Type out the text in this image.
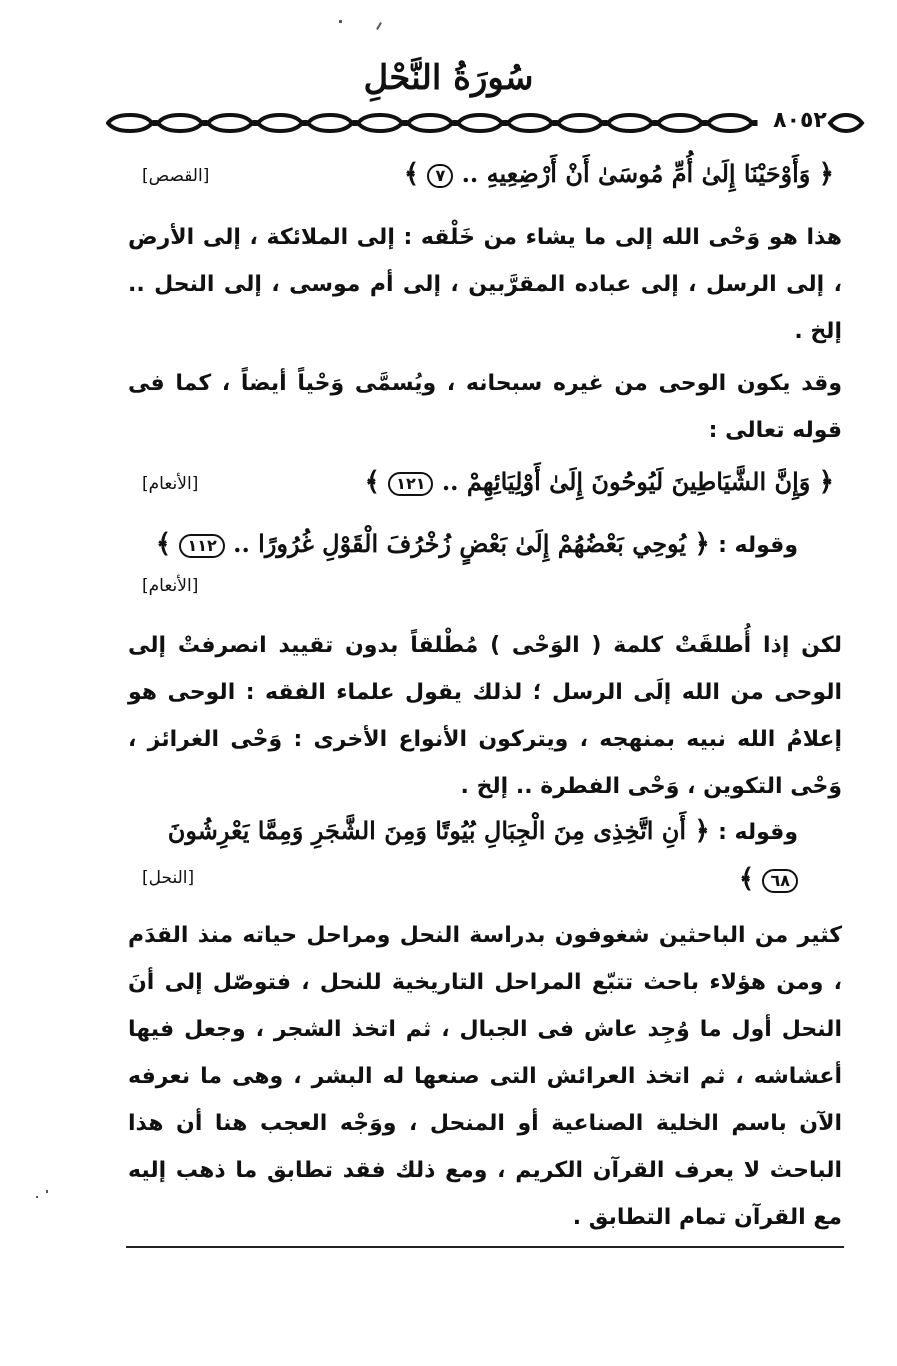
سُورَةُ النَّحْلِ
٨٠٥٢
﴿ وَأَوْحَيْنَا إِلَىٰ أُمِّ مُوسَىٰ أَنْ أَرْضِعِيهِ .. ٧ ﴾
[القصص]
هذا هو وَحْى الله إلى ما يشاء من خَلْقه : إلى الملائكة ، إلى الأرض ، إلى الرسل ، إلى عباده المقرَّبين ، إلى أم موسى ، إلى النحل .. إلخ .
وقد يكون الوحى من غيره سبحانه ، ويُسمَّى وَحْياً أيضاً ، كما فى قوله تعالى :
﴿ وَإِنَّ الشَّيَاطِينَ لَيُوحُونَ إِلَىٰ أَوْلِيَائِهِمْ .. ١٢١ ﴾
[الأنعام]
وقوله : ﴿ يُوحِي بَعْضُهُمْ إِلَىٰ بَعْضٍ زُخْرُفَ الْقَوْلِ غُرُورًا .. ١١٢ ﴾
[الأنعام]
لكن إذا أُطلقَتْ كلمة ( الوَحْى ) مُطْلقاً بدون تقييد انصرفتْ إلى الوحى من الله إلَى الرسل ؛ لذلك يقول علماء الفقه : الوحى هو إعلامُ الله نبيه بمنهجه ، ويتركون الأنواع الأخرى : وَحْى الغرائز ، وَحْى التكوين ، وَحْى الفطرة .. إلخ .
وقوله : ﴿ أَنِ اتَّخِذِى مِنَ الْجِبَالِ بُيُوتًا وَمِنَ الشَّجَرِ وَمِمَّا يَعْرِشُونَ ٦٨ ﴾
[النحل]
كثير من الباحثين شغوفون بدراسة النحل ومراحل حياته منذ القدَم ، ومن هؤلاء باحث تتبّع المراحل التاريخية للنحل ، فتوصّل إلى أنَ النحل أول ما وُجِد عاش فى الجبال ، ثم اتخذ الشجر ، وجعل فيها أعشاشه ، ثم اتخذ العرائش التى صنعها له البشر ، وهى ما نعرفه الآن باسم الخلية الصناعية أو المنحل ، ووَجْه العجب هنا أن هذا الباحث لا يعرف القرآن الكريم ، ومع ذلك فقد تطابق ما ذهب إليه مع القرآن تمام التطابق .
